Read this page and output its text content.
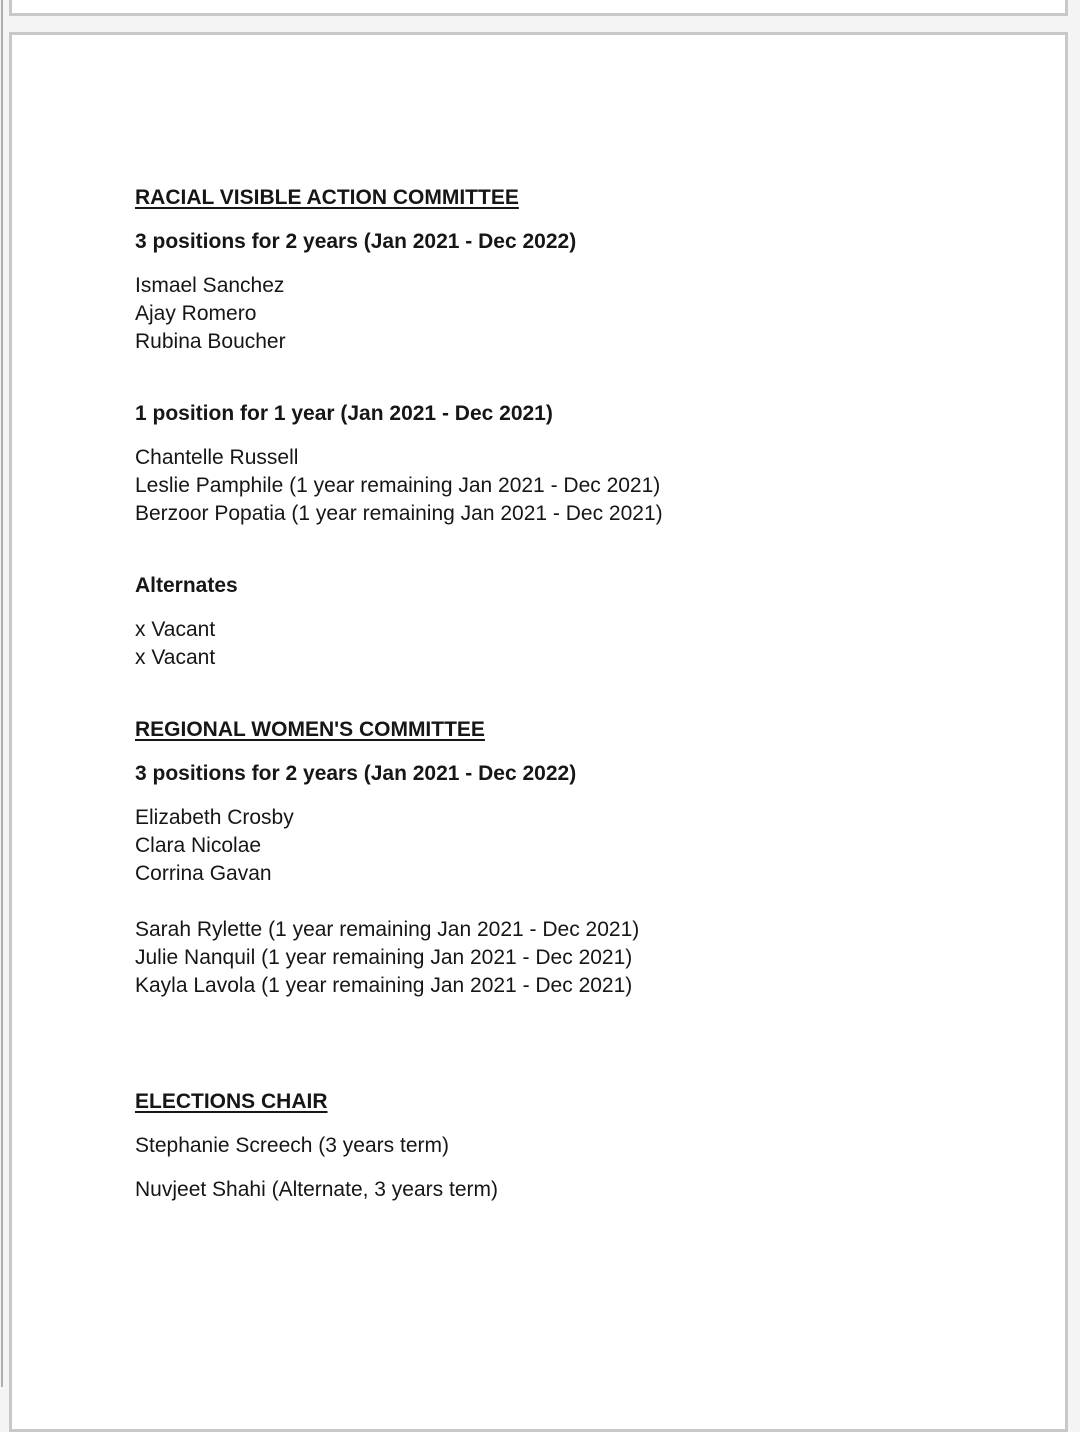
RACIAL VISIBLE ACTION COMMITTEE

3 positions for 2 years (Jan 2021 - Dec 2022)

Ismael Sanchez
Ajay Romero
Rubina Boucher

1 position for 1 year (Jan 2021 - Dec 2021)

Chantelle Russell
Leslie Pamphile (1 year remaining Jan 2021 - Dec 2021)
Berzoor Popatia (1 year remaining Jan 2021 - Dec 2021)

Alternates

x Vacant
x Vacant
REGIONAL WOMEN'S COMMITTEE

3 positions for 2 years (Jan 2021 - Dec 2022)

Elizabeth Crosby
Clara Nicolae
Corrina Gavan
Sarah Rylette (1 year remaining Jan 2021 - Dec 2021)
Julie Nanquil (1 year remaining Jan 2021 - Dec 2021)
Kayla Lavola (1 year remaining Jan 2021 - Dec 2021)
ELECTIONS CHAIR

Stephanie Screech (3 years term)

Nuvjeet Shahi (Alternate, 3 years term)
